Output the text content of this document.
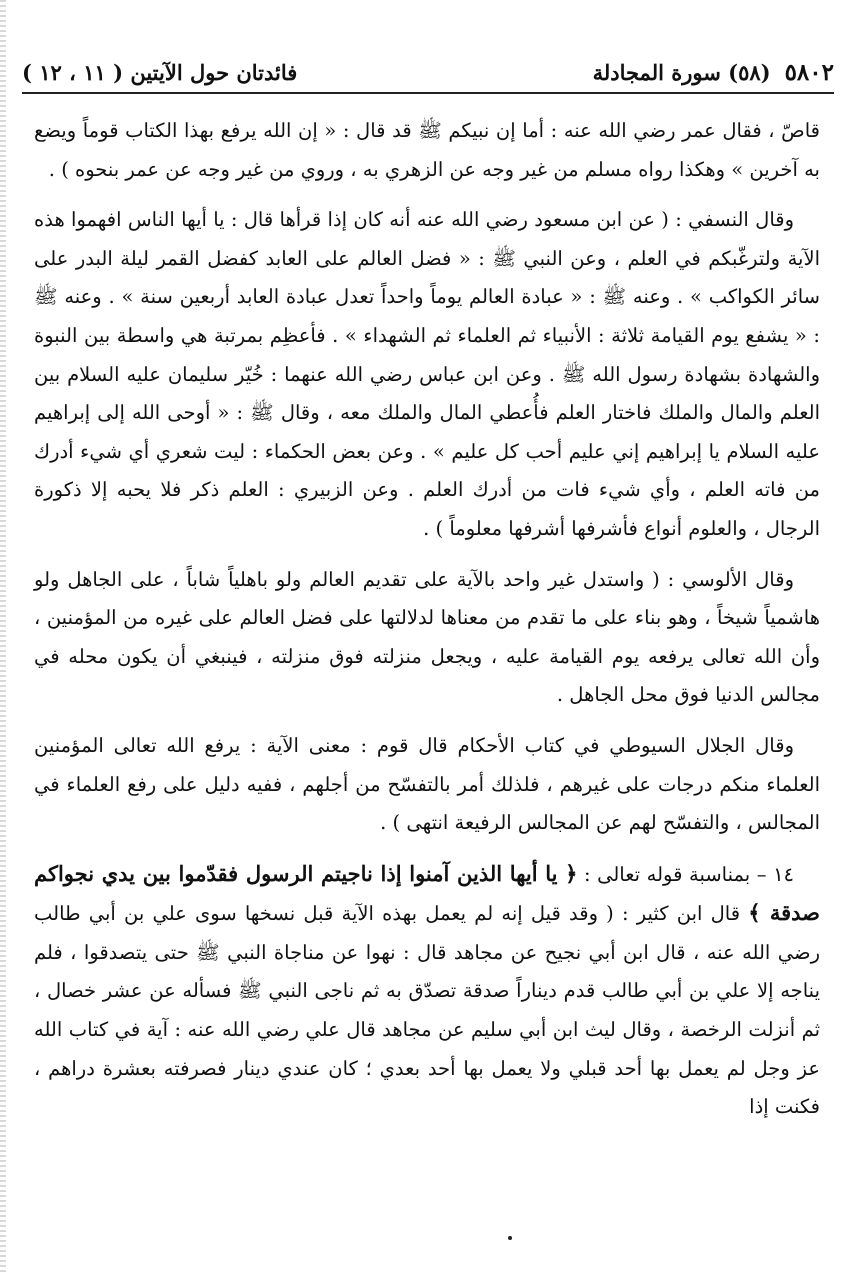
٥٨٠٢
(٥٨) سورة المجادلة
فائدتان حول الآيتين ( ١١ ، ١٢ )

قاصّ ، فقال عمر رضي الله عنه : أما إن نبيكم ﷺ قد قال : « إن الله يرفع بهذا الكتاب قوماً ويضع به آخرين » وهكذا رواه مسلم من غير وجه عن الزهري به ، وروي من غير وجه عن عمر بنحوه ) .

وقال النسفي : ( عن ابن مسعود رضي الله عنه أنه كان إذا قرأها قال : يا أيها الناس افهموا هذه الآية ولترغّبكم في العلم ، وعن النبي ﷺ : « فضل العالم على العابد كفضل القمر ليلة البدر على سائر الكواكب » . وعنه ﷺ : « عبادة العالم يوماً واحداً تعدل عبادة العابد أربعين سنة » . وعنه ﷺ : « يشفع يوم القيامة ثلاثة : الأنبياء ثم العلماء ثم الشهداء » . فأعظِم بمرتبة هي واسطة بين النبوة والشهادة بشهادة رسول الله ﷺ . وعن ابن عباس رضي الله عنهما : خُيّر سليمان عليه السلام بين العلم والمال والملك فاختار العلم فأُعطي المال والملك معه ، وقال ﷺ : « أوحى الله إلى إبراهيم عليه السلام يا إبراهيم إني عليم أحب كل عليم » . وعن بعض الحكماء : ليت شعري أي شيء أدرك من فاته العلم ، وأي شيء فات من أدرك العلم . وعن الزبيري : العلم ذكر فلا يحبه إلا ذكورة الرجال ، والعلوم أنواع فأشرفها أشرفها معلوماً ) .

وقال الألوسي : ( واستدل غير واحد بالآية على تقديم العالم ولو باهلياً شاباً ، على الجاهل ولو هاشمياً شيخاً ، وهو بناء على ما تقدم من معناها لدلالتها على فضل العالم على غيره من المؤمنين ، وأن الله تعالى يرفعه يوم القيامة عليه ، ويجعل منزلته فوق منزلته ، فينبغي أن يكون محله في مجالس الدنيا فوق محل الجاهل .

وقال الجلال السيوطي في كتاب الأحكام قال قوم : معنى الآية : يرفع الله تعالى المؤمنين العلماء منكم درجات على غيرهم ، فلذلك أمر بالتفسّح من أجلهم ، ففيه دليل على رفع العلماء في المجالس ، والتفسّح لهم عن المجالس الرفيعة انتهى ) .

١٤ – بمناسبة قوله تعالى : ﴿ يا أيها الذين آمنوا إذا ناجيتم الرسول فقدّموا بين يدي نجواكم صدقة ﴾ قال ابن كثير : ( وقد قيل إنه لم يعمل بهذه الآية قبل نسخها سوى علي بن أبي طالب رضي الله عنه ، قال ابن أبي نجيح عن مجاهد قال : نهوا عن مناجاة النبي ﷺ حتى يتصدقوا ، فلم يناجه إلا علي بن أبي طالب قدم ديناراً صدقة تصدّق به ثم ناجى النبي ﷺ فسأله عن عشر خصال ، ثم أنزلت الرخصة ، وقال ليث ابن أبي سليم عن مجاهد قال علي رضي الله عنه : آية في كتاب الله عز وجل لم يعمل بها أحد قبلي ولا يعمل بها أحد بعدي ؛ كان عندي دينار فصرفته بعشرة دراهم ، فكنت إذا
